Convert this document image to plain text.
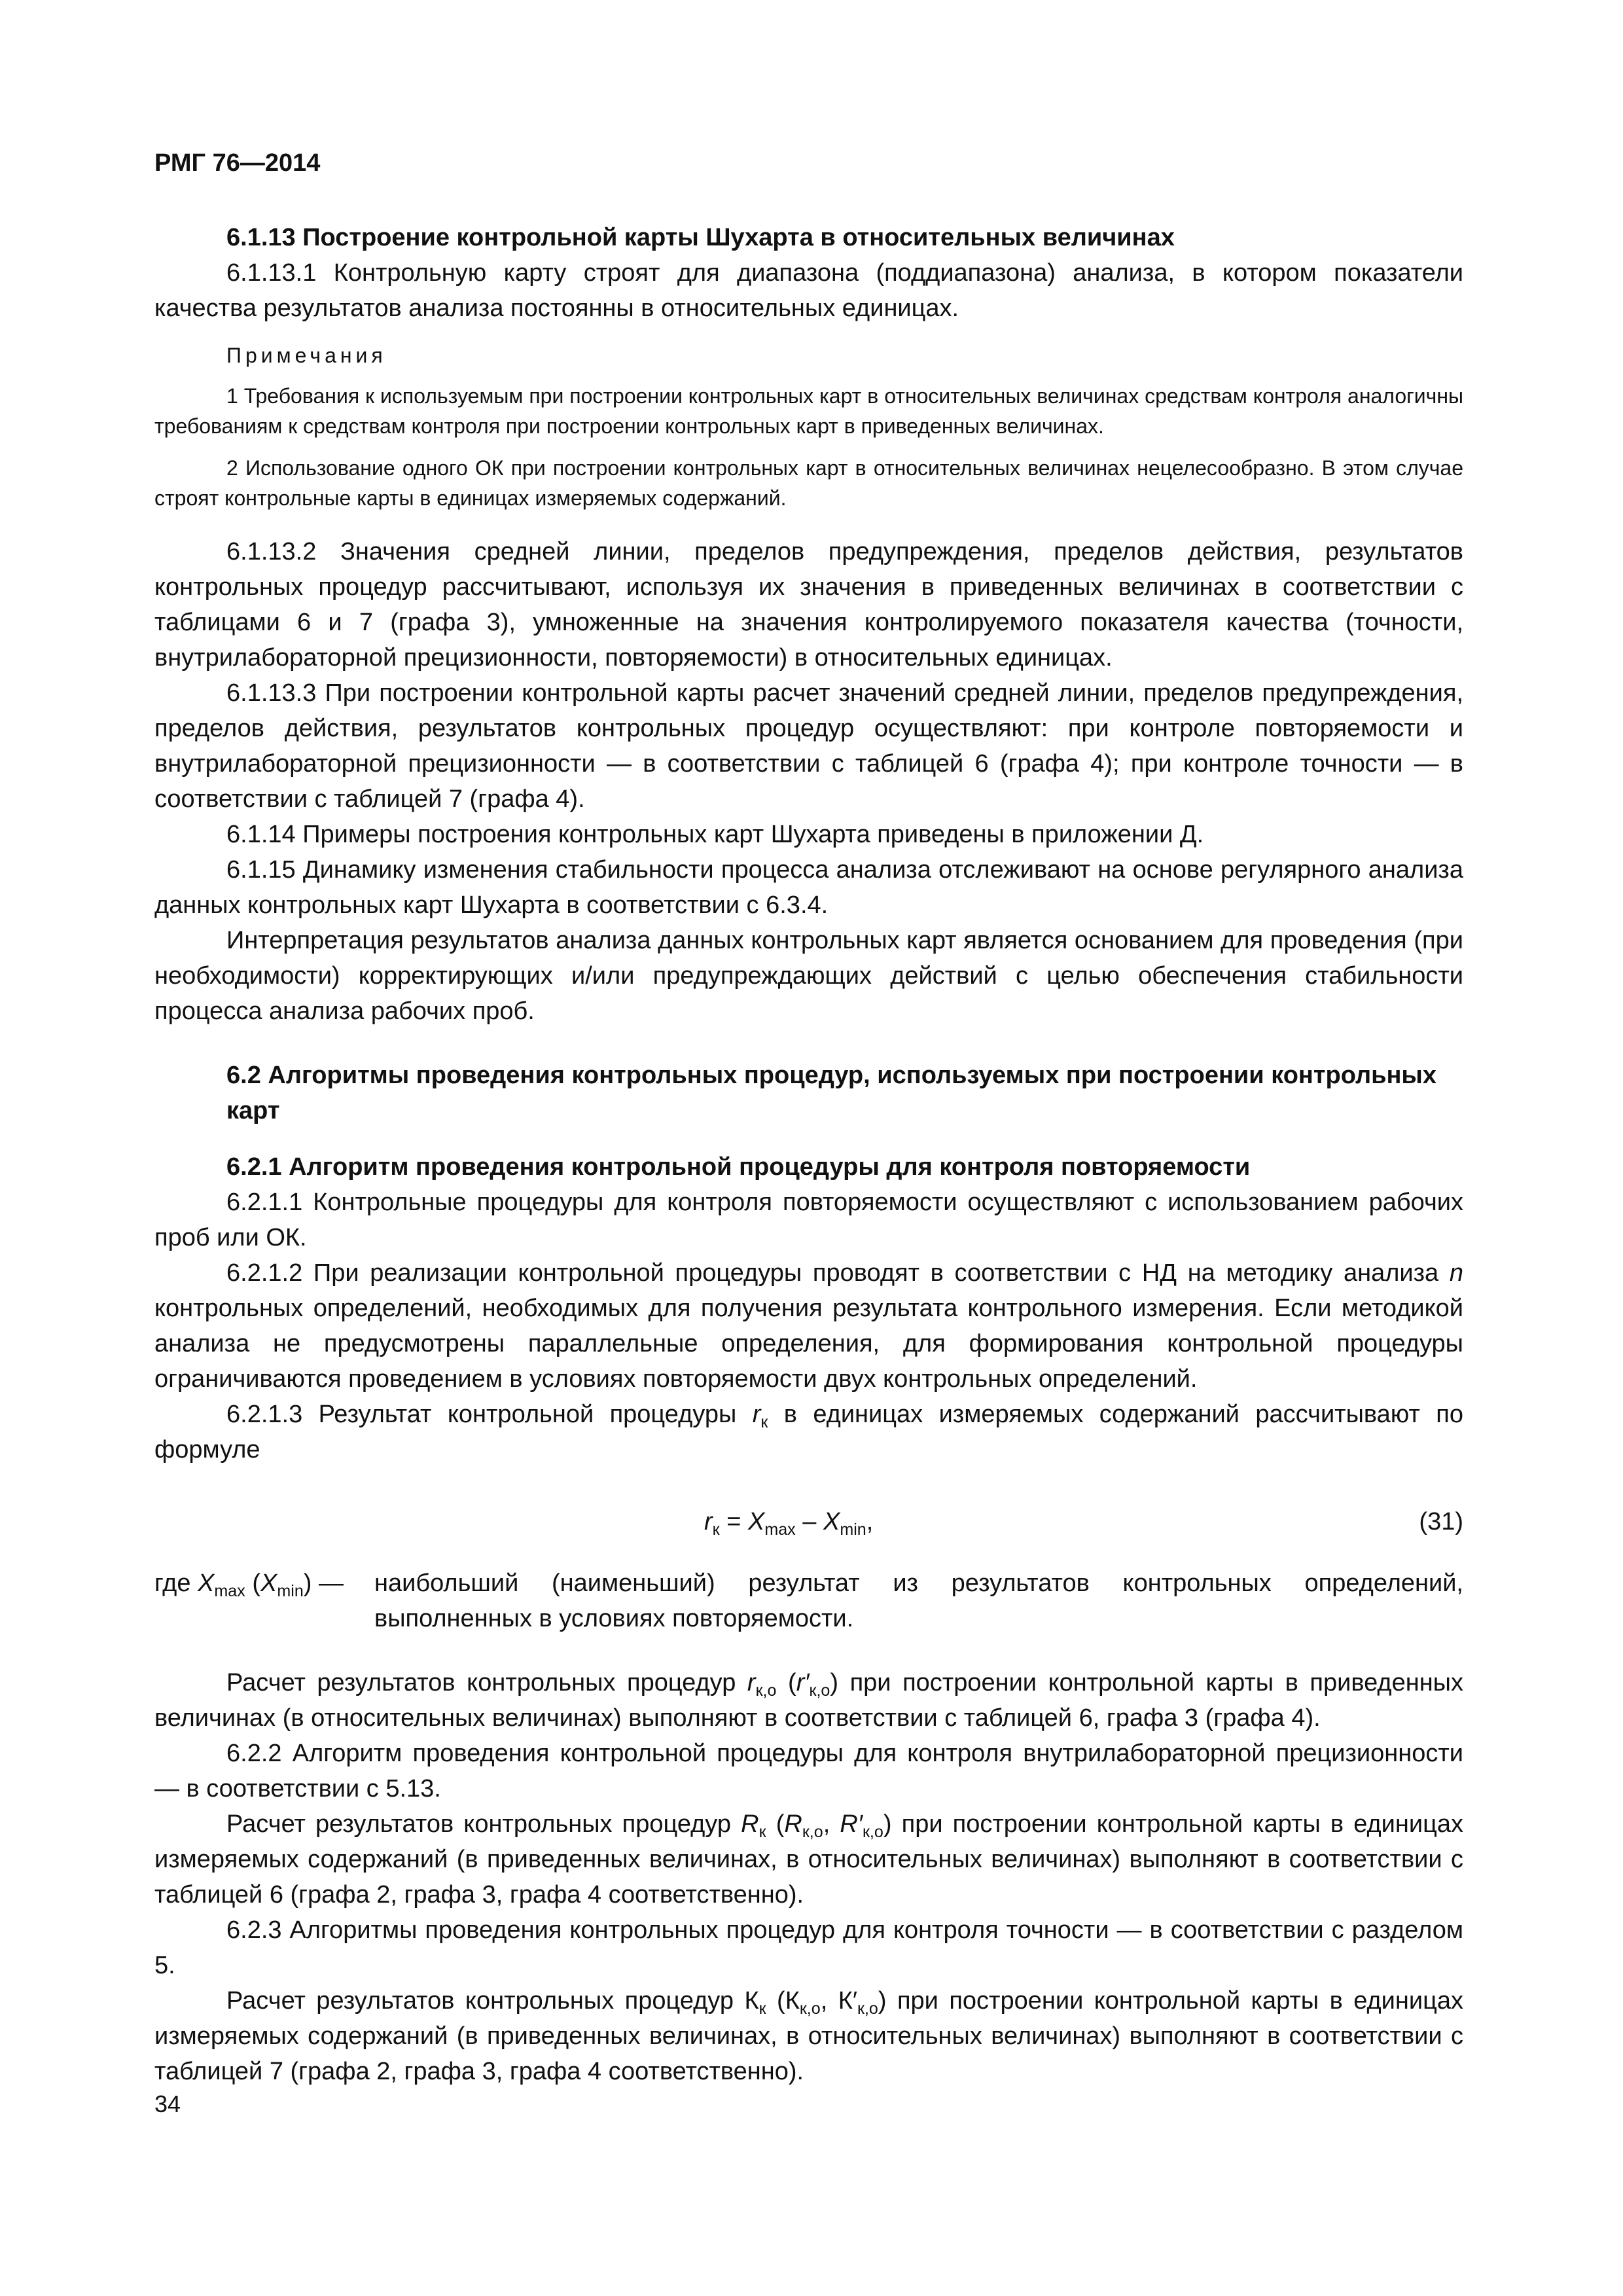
РМГ 76—2014

6.1.13 Построение контрольной карты Шухарта в относительных величинах

6.1.13.1 Контрольную карту строят для диапазона (поддиапазона) анализа, в котором показатели качества результатов анализа постоянны в относительных единицах.

Примечания

1 Требования к используемым при построении контрольных карт в относительных величинах средствам контроля аналогичны требованиям к средствам контроля при построении контрольных карт в приведенных величинах.

2 Использование одного ОК при построении контрольных карт в относительных величинах нецелесообразно. В этом случае строят контрольные карты в единицах измеряемых содержаний.

6.1.13.2 Значения средней линии, пределов предупреждения, пределов действия, результатов контрольных процедур рассчитывают, используя их значения в приведенных величинах в соответствии с таблицами 6 и 7 (графа 3), умноженные на значения контролируемого показателя качества (точности, внутрилабораторной прецизионности, повторяемости) в относительных единицах.

6.1.13.3 При построении контрольной карты расчет значений средней линии, пределов предупреждения, пределов действия, результатов контрольных процедур осуществляют: при контроле повторяемости и внутрилабораторной прецизионности — в соответствии с таблицей 6 (графа 4); при контроле точности — в соответствии с таблицей 7 (графа 4).

6.1.14 Примеры построения контрольных карт Шухарта приведены в приложении Д.

6.1.15 Динамику изменения стабильности процесса анализа отслеживают на основе регулярного анализа данных контрольных карт Шухарта в соответствии с 6.3.4.

Интерпретация результатов анализа данных контрольных карт является основанием для проведения (при необходимости) корректирующих и/или предупреждающих действий с целью обеспечения стабильности процесса анализа рабочих проб.

6.2 Алгоритмы проведения контрольных процедур, используемых при построении контрольных карт

6.2.1 Алгоритм проведения контрольной процедуры для контроля повторяемости

6.2.1.1 Контрольные процедуры для контроля повторяемости осуществляют с использованием рабочих проб или ОК.

6.2.1.2 При реализации контрольной процедуры проводят в соответствии с НД на методику анализа n контрольных определений, необходимых для получения результата контрольного измерения. Если методикой анализа не предусмотрены параллельные определения, для формирования контрольной процедуры ограничиваются проведением в условиях повторяемости двух контрольных определений.

6.2.1.3 Результат контрольной процедуры $r_к$ в единицах измеряемых содержаний рассчитывают по формуле

$r_к = X_{max} - X_{min}$,	(31)
где $X_{max}$ $(X_{min})$ —	наибольший (наименьший) результат из результатов контрольных определений, выполненных в условиях повторяемости.

Расчет результатов контрольных процедур $r_{к,о}$ $(r'_{к,о})$ при построении контрольной карты в приведенных величинах (в относительных величинах) выполняют в соответствии с таблицей 6, графа 3 (графа 4).

6.2.2 Алгоритм проведения контрольной процедуры для контроля внутрилабораторной прецизионности — в соответствии с 5.13.

Расчет результатов контрольных процедур $R_к$ ($R_{к,о}$, $R'_{к,о}$) при построении контрольной карты в единицах измеряемых содержаний (в приведенных величинах, в относительных величинах) выполняют в соответствии с таблицей 6 (графа 2, графа 3, графа 4 соответственно).

6.2.3 Алгоритмы проведения контрольных процедур для контроля точности — в соответствии с разделом 5.

Расчет результатов контрольных процедур $К_к$ ($К_{к,о}$, $К'_{к,о}$) при построении контрольной карты в единицах измеряемых содержаний (в приведенных величинах, в относительных величинах) выполняют в соответствии с таблицей 7 (графа 2, графа 3, графа 4 соответственно).

34
